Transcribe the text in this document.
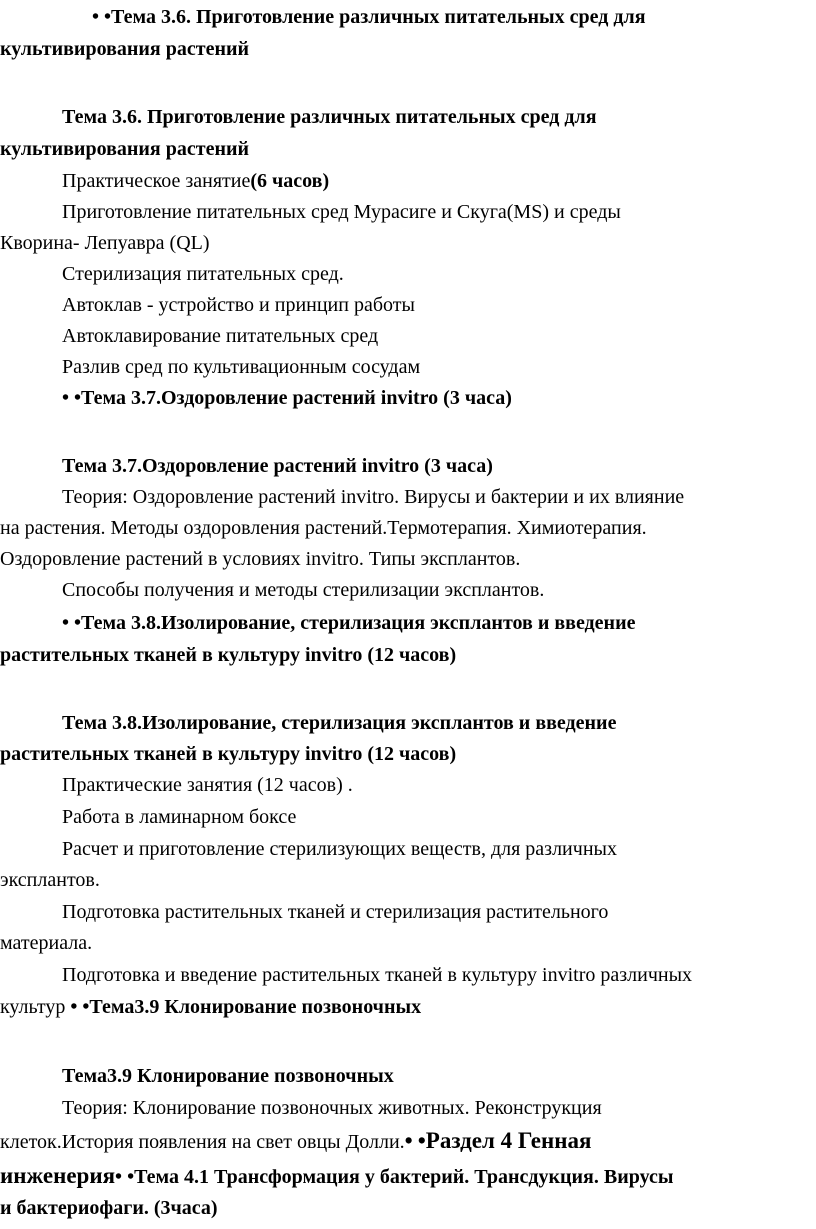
• •Тема 3.6. Приготовление различных питательных сред для
культивирования растений
Тема 3.6. Приготовление различных питательных сред для
культивирования растений
Практическое занятие(6 часов)
Приготовление питательных сред Мурасиге и Скуга(MS) и среды
Кворина- Лепуавра (QL)
Стерилизация питательных сред.
Автоклав - устройство и принцип работы
Автоклавирование питательных сред
Разлив сред по культивационным сосудам
• •Тема 3.7.Оздоровление растений invitro (3 часа)
Тема 3.7.Оздоровление растений invitro (3 часа)
Теория: Оздоровление растений invitro. Вирусы и бактерии и их влияние
на растения. Методы оздоровления растений.Термотерапия. Химиотерапия.
Оздоровление растений в условиях invitro. Типы эксплантов.
Способы получения и методы стерилизации эксплантов.
• •Тема 3.8.Изолирование, стерилизация эксплантов и введение
растительных тканей в культуру invitro (12 часов)
Тема 3.8.Изолирование, стерилизация эксплантов и введение
растительных тканей в культуру invitro (12 часов)
Практические занятия (12 часов) .
Работа в ламинарном боксе
Расчет и приготовление стерилизующих веществ, для различных
эксплантов.
Подготовка растительных тканей и стерилизация растительного
материала.
Подготовка и введение растительных тканей в культуру invitro различных
культур • •Тема3.9 Клонирование позвоночных
Тема3.9 Клонирование позвоночных
Теория: Клонирование позвоночных животных. Реконструкция
клеток.История появления на свет овцы Долли.• •Раздел 4 Генная
инженерия• •Тема 4.1 Трансформация у бактерий. Трансдукция. Вирусы
и бактериофаги. (3часа)
